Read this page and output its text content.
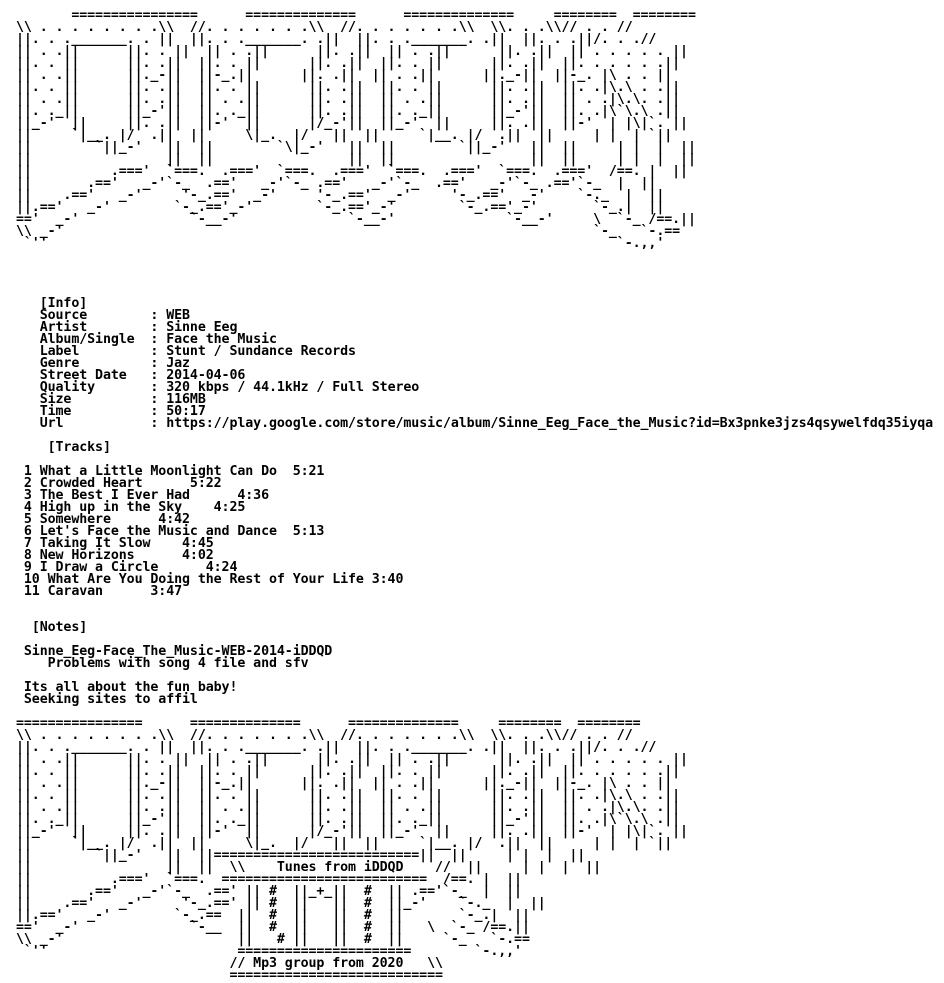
================      ==============      ==============     ========  ========
\\ . . . . . . . .\\  //. . . . . . .\\  //. . . . . . .\\  \\. . .\\// . . //
||. . ._______. . ||  ||. . ._______. .||  ||. . ._______. .||  ||. . .||/. . .//
|| . .||      ||. . ||  || . .||      ||. .||  || . .||      ||. .||  || . . . . . ||
||. . ||      ||. .||  ||. . ||      ||. .||  ||. . ||      ||. .||  ||. . . . . .||
|| . .||      ||._-||  ||-_.||      ||. .||  || . .||      ||._-||  ||-_. |\ . . ||
||. . ||      ||. .||  ||. . ||      ||. .||  ||. . ||      ||. .||  ||. .|\.\ . .||
|| . .||      ||. .||  || . .||      ||. .||  || . .||      ||. .||  || . .|\.\. .||
||. ._||      ||_-'||  ||. ._||      ||. .||  ||. ._||      ||_-'||  ||. .|\`\.\ .||
||_-'  ||     ||. .||  ||-'  ||      |/_-'||  ||_-'  ||     ||. .||  ||-'  | |\|`. ||
||     `|__. |/  .||  ||     \|_.  |/   ||  ||     `|__. |/  .||  ||     | |  | `||
||        `||_-'   ||  ||        `\|_-'   ||  ||        `||_-'   ||  ||     | |  |  ||
||                 ||  ||                 ||  ||                 ||  ||     | |  |  ||
||          .==='  `===.  .==='  `===.  .==='  `===.  .==='  `===.  .==='  /==. |  ||
||       .=='   _-'`-_  .=='   _-'`-_ .=='   _-'`-_  .=='   _-'`-_ .=='`-_  |  ||
||    .=='   _-'     '-_.=='  _-'     '-_.=='  _-'     '-_.=='  _-'    `-._  |  ||
||.=='   _-'        `-_.=='_-'        `-_.=='_-'        `-_.=='_-'       `-_.|  ||
=='  _-'              `-__-'              `-__-'              `-__-'     \  `-_ /==.||
\\ _-'                                                                   `-_   `-.==
`''                                                                        `-.,,'

[Info]
Source        : WEB
Artist        : Sinne Eeg
Album/Single  : Face the Music
Label         : Stunt / Sundance Records
Genre         : Jaz
Street Date   : 2014-04-06
Quality       : 320 kbps / 44.1kHz / Full Stereo
Size          : 116MB
Time          : 50:17
Url           : https://play.google.com/store/music/album/Sinne_Eeg_Face_the_Music?id=Bx3pnke3jzs4qsywelfdq35iyqa

[Tracks]

1 What a Little Moonlight Can Do  5:21
2 Crowded Heart      5:22
3 The Best I Ever Had      4:36
4 High up in the Sky    4:25
5 Somewhere      4:42
6 Let's Face the Music and Dance  5:13
7 Taking It Slow    4:45
8 New Horizons      4:02
9 I Draw a Circle      4:24
10 What Are You Doing the Rest of Your Life 3:40
11 Caravan      3:47

[Notes]

Sinne_Eeg-Face_The_Music-WEB-2014-iDDQD
Problems with song 4 file and sfv

Its all about the fun baby!
Seeking sites to affil

================      ==============      ==============     ========  ========
\\ . . . . . . . .\\  //. . . . . . .\\  //. . . . . . .\\  \\. . .\\// . . //
||. . ._______. . ||  ||. . ._______. .||  ||. . ._______. .||  ||. . .||/. . .//
|| . .||      ||. . ||  || . .||      ||. .||  || . .||      ||. .||  || . . . . . ||
||. . ||      ||. .||  ||. . ||      ||. .||  ||. . ||      ||. .||  ||. . . . . .||
|| . .||      ||._-||  ||-_.||      ||. .||  || . .||      ||._-||  ||-_. |\ . . ||
||. . ||      ||. .||  ||. . ||      ||. .||  ||. . ||      ||. .||  ||. .|\.\ . .||
|| . .||      ||. .||  || . .||      ||. .||  || . .||      ||. .||  || . .|\.\. .||
||. ._||      ||_-'||  ||. ._||      ||. .||  ||. ._||      ||_-'||  ||. .|\`\.\ .||
||_-'  ||     ||. .||  ||-'  ||      |/_-'||  ||_-'  ||     ||. .||  ||-'  | |\|`. ||
||     `|__. |/  .||  ||     \|_.  |/   ||  ||     `|__. |/  .||  ||     | |  | `||
||        `||_-'   ||  ||==========================||  ||     | |  |  ||
||                 ||  ||  \\    Tunes from iDDQD    //  ||     | |  |  ||
||          .==='  `===.  ==========================  /==. |  ||
||       .=='   _-'`-_  .==' || #  ||_+_||  #  || .=='`-_  |  ||
||    .=='   _-'     '-_.==' || #  ||   ||  #  ||_-'    `-._  |  ||
||.=='   _-'        `-_.==  ||  #  ||   ||  #  ||       `-_.|  ||
=='  _-'              `-__  ||  #  ||   ||  #  ||   \  `-_ /==.||
\\ _-'                      ||   # ||   ||  #  ||     `-_   `-.==
`''                        ======================        `-.,,'
// Mp3 group from 2020   \\
===========================
